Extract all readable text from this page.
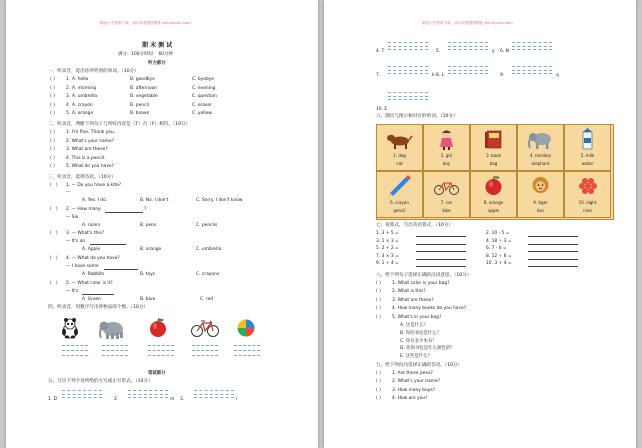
精品小学资源下载，请访问智慧园网址 zhihuiyuan.com
期 末 测 试
满分：100分时间： 60分钟
听力部分
一、听录音，选出你所听到的单词。（10分）
二、听录音，判断下列句子与所听内容是（T）否（F）相符。（10分）
三、听录音，选择答语。（10分）
(   ) 1. — Do you have a kite?
—
A. Yes. I do.	B. No. I don't	C. Sorry. I don't know
(   ) 2. — How many	?
— Six.
A. rulers	B. pens	C. pencils
(   ) 3. — What's this?
— It's an
A. Apple	B. orange	C. umbrella
(   ) 4. — What do you have?
— I have some
A. Rabbits	B. toys	C. crayons
(   ) 5. — What color is it?
— It's
A. Green	B. blue	C. red
四、听录音，用数字写出各物品的个数。（10分）
笔试部分
五、写出下列字母所给的大写或小写形式。（10分）
( )	1. A. hello	B. goodbye	C. byebye
( )	2. A. morning	B. afternoon	C. evening
( )	3. A. umbrella	B. vegetable	C. question
( )	4. A. crayon	B. pencil	C. eraser
( )	5. A. orange	B. brown	C. yellow
( )	1. I'm fine. Thank you.
( )	2. What's your name?
( )	3. What are these?
( )	4. This is a pencil.
( )	5. What do you have?
1. D	2.	m 3.	r
精品小学资源下载，请访问智慧园网址 zhihuiyuan.com
10. E
六、圈出与图示相对应的单词。（10分）
七、看算式，写出英语算式。（10分）
八、给下列句子选择正确的汉语意思。（10分）
九、给下列问句选择正确的答语。（10分）
4. T	5.	y 6. N
7.	k 8. L	9.	q
1. dog
cat
2. girl
boy
3. book
bag
4. monkey
elephant
5. milk
water
6. crayon
pencil
7. car
bike
8. orange
apple
9. tiger
lion
10. eight
nine
1. 3 + 5 =	2. 10 - 5 =
3. 1 × 3 =	4. 18 ÷ 3 =
5. 2 + 2 =	6. 7 - 6 =
7. 3 × 3 =	8. 12 ÷ 6 =
9. 1 + 4 =	10. 3 + 4 =
( )	1. What color is your bag?
( )	2. What is this?
( )	3. What are these?
( )	4. How many books do you have?
( )	5. What's in your bag?
A. 这是什么？
B. 你的书包是什么？
C. 你有多少本书？
D. 你的书包是什么颜色的？
E. 这些是什么？
( )	1. Are these pens?
( )	2. What's your name?
( )	3. How many boys?
( )	4. How are you?
